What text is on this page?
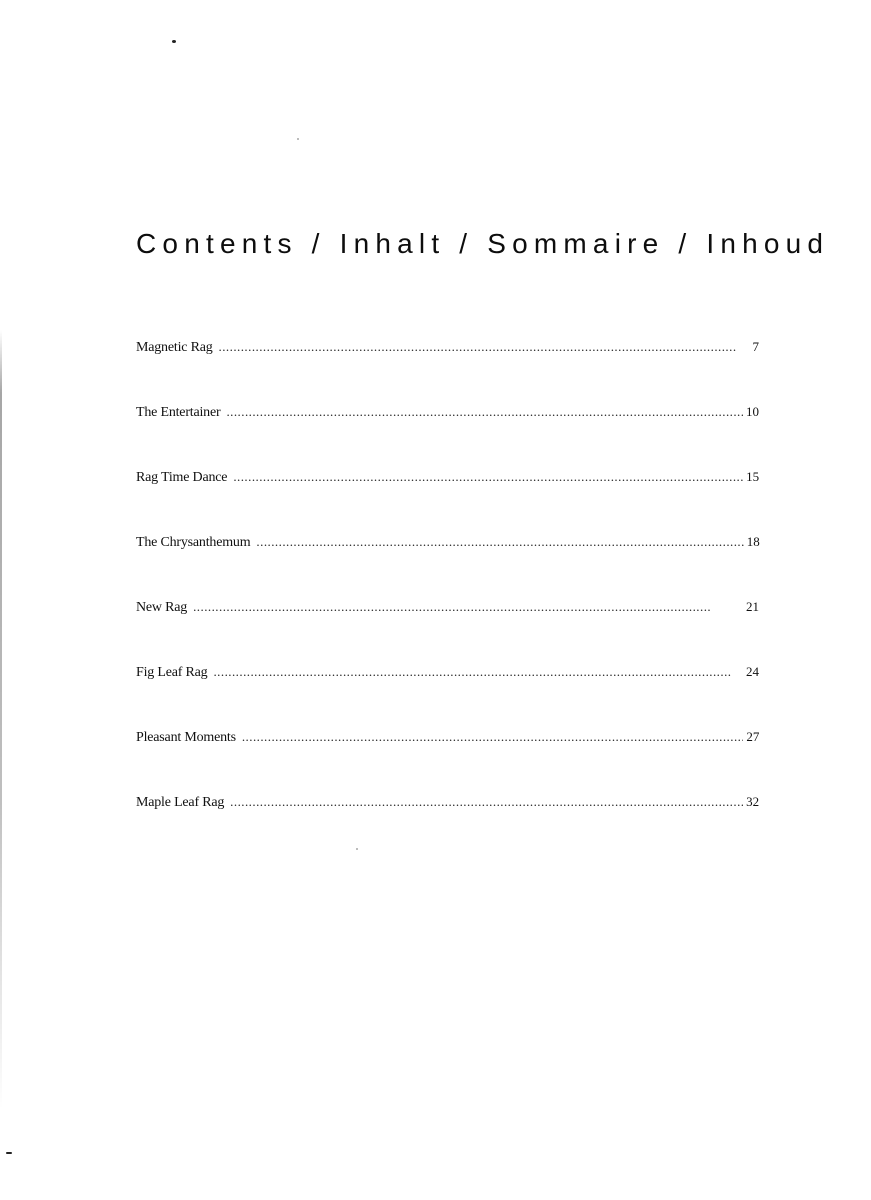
Contents / Inhalt / Sommaire / Inhoud
Magnetic Rag . . .	7
The Entertainer . . .	10
Rag Time Dance . . .	15
The Chrysanthemum . . .	18
New Rag . . .	21
Fig Leaf Rag . . .	24
Pleasant Moments . . .	27
Maple Leaf Rag . . .	32
